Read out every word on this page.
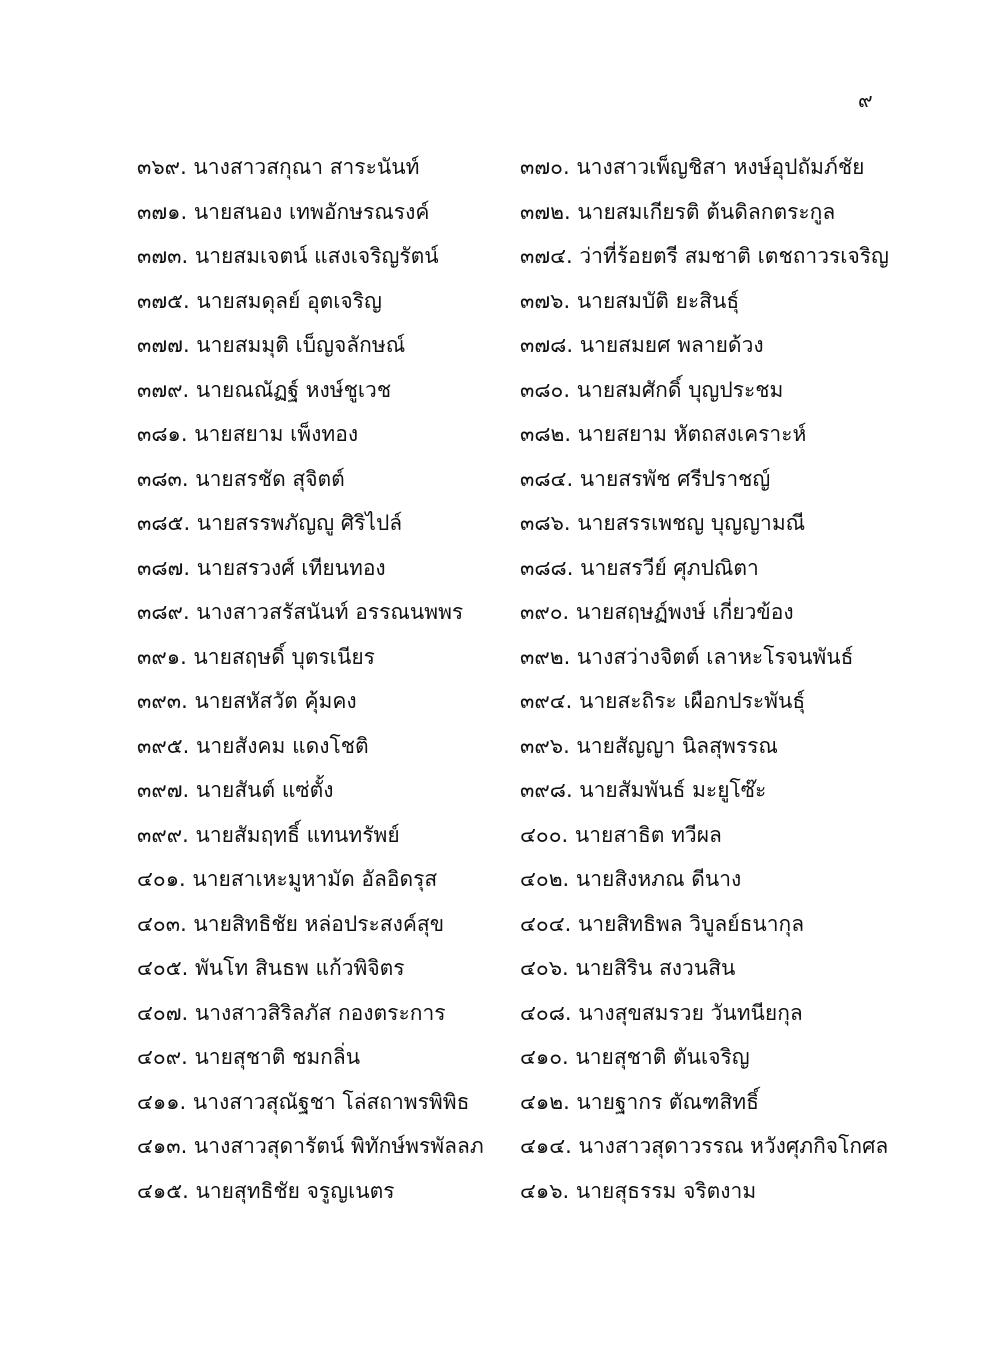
๙
๓๖๙. นางสาวสกุณา สาระนันท์	๓๗๐. นางสาวเพ็ญชิสา หงษ์อุปถัมภ์ชัย
๓๗๑. นายสนอง เทพอักษรณรงค์	๓๗๒. นายสมเกียรติ ต้นดิลกตระกูล
๓๗๓. นายสมเจตน์ แสงเจริญรัตน์	๓๗๔. ว่าที่ร้อยตรี สมชาติ เตชถาวรเจริญ
๓๗๕. นายสมดุลย์ อุตเจริญ	๓๗๖. นายสมบัติ ยะสินธุ์
๓๗๗. นายสมมุติ เบ็ญจลักษณ์	๓๗๘. นายสมยศ พลายด้วง
๓๗๙. นายณณัฏฐ์ หงษ์ชูเวช	๓๘๐. นายสมศักดิ์ บุญประชม
๓๘๑. นายสยาม เพ็งทอง	๓๘๒. นายสยาม หัตถสงเคราะห์
๓๘๓. นายสรชัด สุจิตต์	๓๘๔. นายสรพัช ศรีปราชญ์
๓๘๕. นายสรรพภัญญู ศิริไปล์	๓๘๖. นายสรรเพชญ บุญญามณี
๓๘๗. นายสรวงศ์ เทียนทอง	๓๘๘. นายสรวีย์ ศุภปณิตา
๓๘๙. นางสาวสรัสนันท์ อรรณนพพร	๓๙๐. นายสฤษฏ์พงษ์ เกี่ยวข้อง
๓๙๑. นายสฤษดิ์ บุตรเนียร	๓๙๒. นางสว่างจิตต์ เลาหะโรจนพันธ์
๓๙๓. นายสหัสวัต คุ้มคง	๓๙๔. นายสะถิระ เผือกประพันธุ์
๓๙๕. นายสังคม แดงโชติ	๓๙๖. นายสัญญา นิลสุพรรณ
๓๙๗. นายสันต์ แซ่ตั้ง	๓๙๘. นายสัมพันธ์ มะยูโซ๊ะ
๓๙๙. นายสัมฤทธิ์ แทนทรัพย์	๔๐๐. นายสาธิต ทวีผล
๔๐๑. นายสาเหะมูหามัด อัลอิดรุส	๔๐๒. นายสิงหภณ ดีนาง
๔๐๓. นายสิทธิชัย หล่อประสงค์สุข	๔๐๔. นายสิทธิพล วิบูลย์ธนากุล
๔๐๕. พันโท สินธพ แก้วพิจิตร	๔๐๖. นายสิริน สงวนสิน
๔๐๗. นางสาวสิริลภัส กองตระการ	๔๐๘. นางสุขสมรวย วันทนียกุล
๔๐๙. นายสุชาติ ชมกลิ่น	๔๑๐. นายสุชาติ ตันเจริญ
๔๑๑. นางสาวสุณัฐชา โล่สถาพรพิพิธ	๔๑๒. นายฐากร ตัณฑสิทธิ์
๔๑๓. นางสาวสุดารัตน์ พิทักษ์พรพัลลภ	๔๑๔. นางสาวสุดาวรรณ หวังศุภกิจโกศล
๔๑๕. นายสุทธิชัย จรูญเนตร	๔๑๖. นายสุธรรม จริตงาม
